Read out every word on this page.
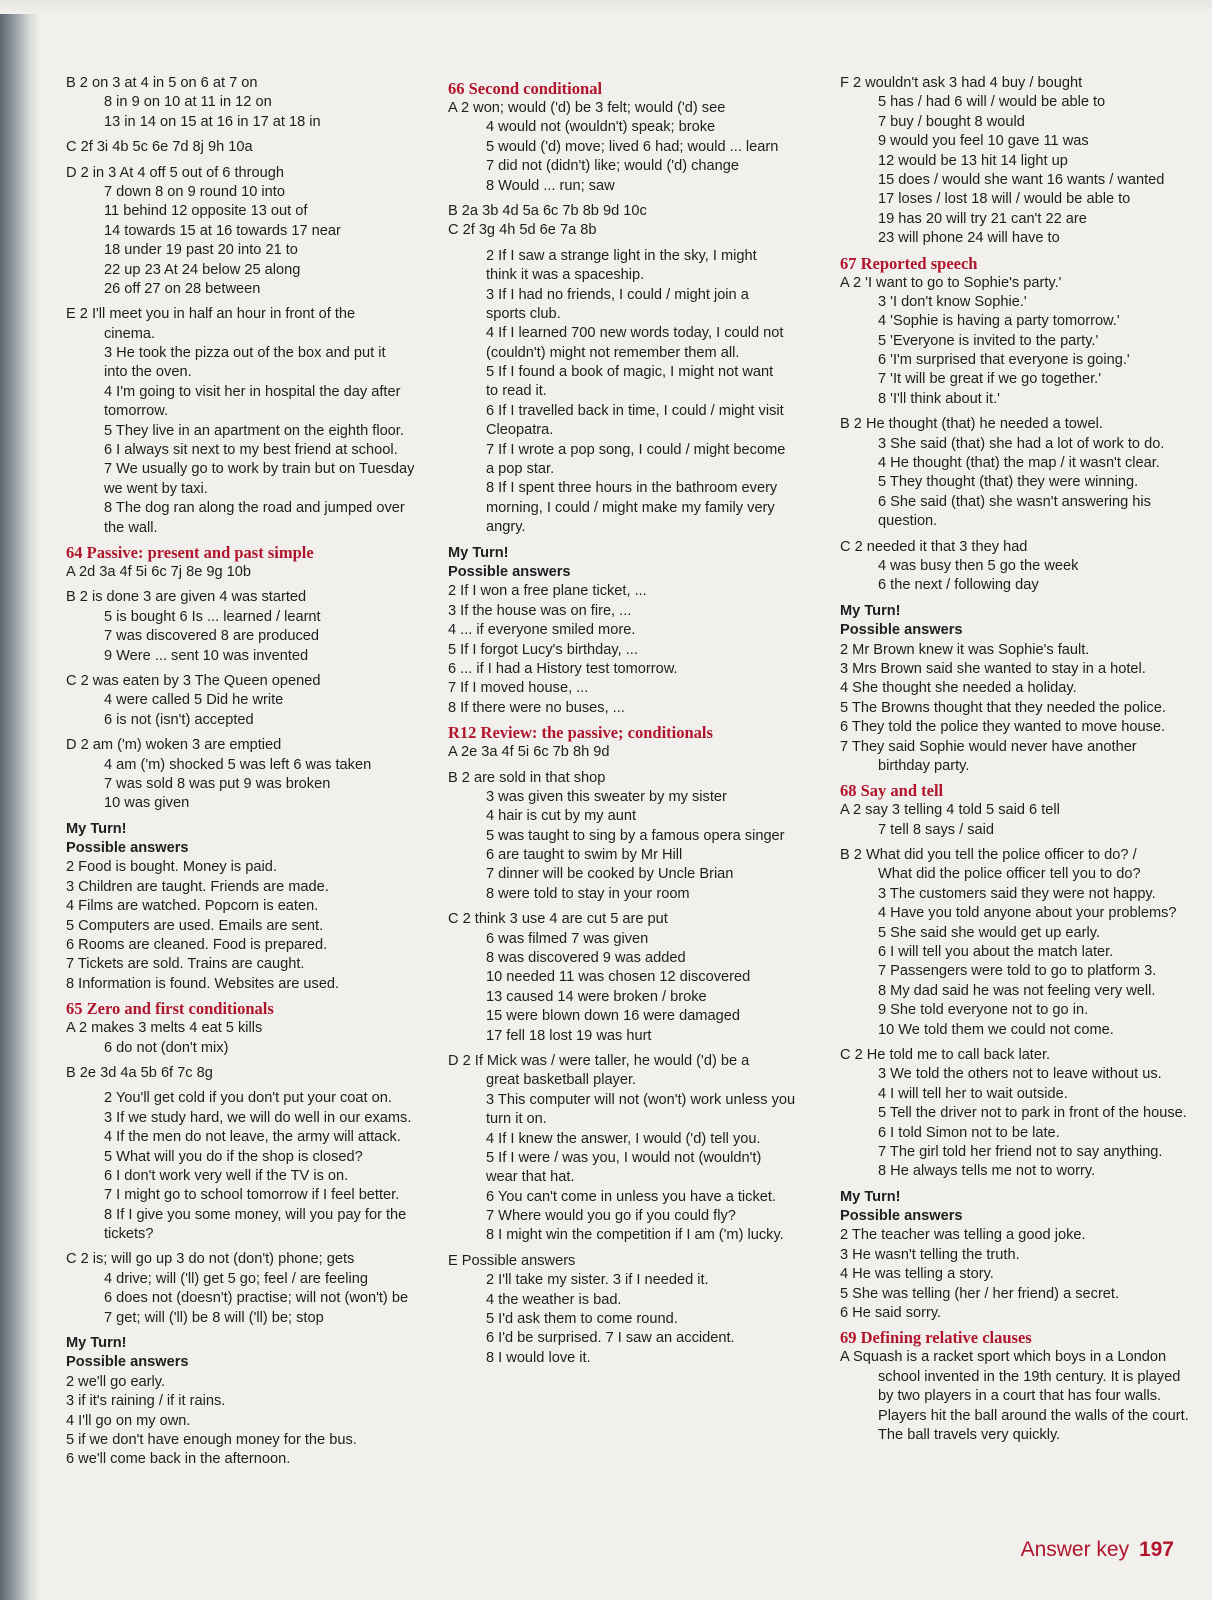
B 2 on 3 at 4 in 5 on 6 at 7 on
8 in 9 on 10 at 11 in 12 on
13 in 14 on 15 at 16 in 17 at 18 in
C 2f 3i 4b 5c 6e 7d 8j 9h 10a
D 2 in 3 At 4 off 5 out of 6 through
7 down 8 on 9 round 10 into
11 behind 12 opposite 13 out of
14 towards 15 at 16 towards 17 near
18 under 19 past 20 into 21 to
22 up 23 At 24 below 25 along
26 off 27 on 28 between
E 2 I'll meet you in half an hour in front of the
cinema.
3 He took the pizza out of the box and put it
into the oven.
4 I'm going to visit her in hospital the day after
tomorrow.
5 They live in an apartment on the eighth floor.
6 I always sit next to my best friend at school.
7 We usually go to work by train but on Tuesday
we went by taxi.
8 The dog ran along the road and jumped over
the wall.
64 Passive: present and past simple
A 2d 3a 4f 5i 6c 7j 8e 9g 10b
B 2 is done 3 are given 4 was started
5 is bought 6 Is ... learned / learnt
7 was discovered 8 are produced
9 Were ... sent 10 was invented
C 2 was eaten by 3 The Queen opened
4 were called 5 Did he write
6 is not (isn't) accepted
D 2 am ('m) woken 3 are emptied
4 am ('m) shocked 5 was left 6 was taken
7 was sold 8 was put 9 was broken
10 was given
My Turn!
Possible answers
2 Food is bought. Money is paid.
3 Children are taught. Friends are made.
4 Films are watched. Popcorn is eaten.
5 Computers are used. Emails are sent.
6 Rooms are cleaned. Food is prepared.
7 Tickets are sold. Trains are caught.
8 Information is found. Websites are used.
65 Zero and first conditionals
A 2 makes 3 melts 4 eat 5 kills
6 do not (don't mix)
B 2e 3d 4a 5b 6f 7c 8g
2 You'll get cold if you don't put your coat on.
3 If we study hard, we will do well in our exams.
4 If the men do not leave, the army will attack.
5 What will you do if the shop is closed?
6 I don't work very well if the TV is on.
7 I might go to school tomorrow if I feel better.
8 If I give you some money, will you pay for the
tickets?
C 2 is; will go up 3 do not (don't) phone; gets
4 drive; will ('ll) get 5 go; feel / are feeling
6 does not (doesn't) practise; will not (won't) be
7 get; will ('ll) be 8 will ('ll) be; stop
My Turn!
Possible answers
2 we'll go early.
3 if it's raining / if it rains.
4 I'll go on my own.
5 if we don't have enough money for the bus.
6 we'll come back in the afternoon.
66 Second conditional
A 2 won; would ('d) be 3 felt; would ('d) see
4 would not (wouldn't) speak; broke
5 would ('d) move; lived 6 had; would ... learn
7 did not (didn't) like; would ('d) change
8 Would ... run; saw
B 2a 3b 4d 5a 6c 7b 8b 9d 10c
C 2f 3g 4h 5d 6e 7a 8b
2 If I saw a strange light in the sky, I might
think it was a spaceship.
3 If I had no friends, I could / might join a
sports club.
4 If I learned 700 new words today, I could not
(couldn't) might not remember them all.
5 If I found a book of magic, I might not want
to read it.
6 If I travelled back in time, I could / might visit
Cleopatra.
7 If I wrote a pop song, I could / might become
a pop star.
8 If I spent three hours in the bathroom every
morning, I could / might make my family very
angry.
My Turn!
Possible answers
2 If I won a free plane ticket, ...
3 If the house was on fire, ...
4 ... if everyone smiled more.
5 If I forgot Lucy's birthday, ...
6 ... if I had a History test tomorrow.
7 If I moved house, ...
8 If there were no buses, ...
R12 Review: the passive; conditionals
A 2e 3a 4f 5i 6c 7b 8h 9d
B 2 are sold in that shop
3 was given this sweater by my sister
4 hair is cut by my aunt
5 was taught to sing by a famous opera singer
6 are taught to swim by Mr Hill
7 dinner will be cooked by Uncle Brian
8 were told to stay in your room
C 2 think 3 use 4 are cut 5 are put
6 was filmed 7 was given
8 was discovered 9 was added
10 needed 11 was chosen 12 discovered
13 caused 14 were broken / broke
15 were blown down 16 were damaged
17 fell 18 lost 19 was hurt
D 2 If Mick was / were taller, he would ('d) be a
great basketball player.
3 This computer will not (won't) work unless you
turn it on.
4 If I knew the answer, I would ('d) tell you.
5 If I were / was you, I would not (wouldn't)
wear that hat.
6 You can't come in unless you have a ticket.
7 Where would you go if you could fly?
8 I might win the competition if I am ('m) lucky.
E Possible answers
2 I'll take my sister. 3 if I needed it.
4 the weather is bad.
5 I'd ask them to come round.
6 I'd be surprised. 7 I saw an accident.
8 I would love it.
F 2 wouldn't ask 3 had 4 buy / bought
5 has / had 6 will / would be able to
7 buy / bought 8 would
9 would you feel 10 gave 11 was
12 would be 13 hit 14 light up
15 does / would she want 16 wants / wanted
17 loses / lost 18 will / would be able to
19 has 20 will try 21 can't 22 are
23 will phone 24 will have to
67 Reported speech
A 2 'I want to go to Sophie's party.'
3 'I don't know Sophie.'
4 'Sophie is having a party tomorrow.'
5 'Everyone is invited to the party.'
6 'I'm surprised that everyone is going.'
7 'It will be great if we go together.'
8 'I'll think about it.'
B 2 He thought (that) he needed a towel.
3 She said (that) she had a lot of work to do.
4 He thought (that) the map / it wasn't clear.
5 They thought (that) they were winning.
6 She said (that) she wasn't answering his
question.
C 2 needed it that 3 they had
4 was busy then 5 go the week
6 the next / following day
My Turn!
Possible answers
2 Mr Brown knew it was Sophie's fault.
3 Mrs Brown said she wanted to stay in a hotel.
4 She thought she needed a holiday.
5 The Browns thought that they needed the police.
6 They told the police they wanted to move house.
7 They said Sophie would never have another
birthday party.
68 Say and tell
A 2 say 3 telling 4 told 5 said 6 tell
7 tell 8 says / said
B 2 What did you tell the police officer to do? /
What did the police officer tell you to do?
3 The customers said they were not happy.
4 Have you told anyone about your problems?
5 She said she would get up early.
6 I will tell you about the match later.
7 Passengers were told to go to platform 3.
8 My dad said he was not feeling very well.
9 She told everyone not to go in.
10 We told them we could not come.
C 2 He told me to call back later.
3 We told the others not to leave without us.
4 I will tell her to wait outside.
5 Tell the driver not to park in front of the house.
6 I told Simon not to be late.
7 The girl told her friend not to say anything.
8 He always tells me not to worry.
My Turn!
Possible answers
2 The teacher was telling a good joke.
3 He wasn't telling the truth.
4 He was telling a story.
5 She was telling (her / her friend) a secret.
6 He said sorry.
69 Defining relative clauses
A Squash is a racket sport which boys in a London
school invented in the 19th century. It is played
by two players in a court that has four walls.
Players hit the ball around the walls of the court.
The ball travels very quickly.
Answer key 197
